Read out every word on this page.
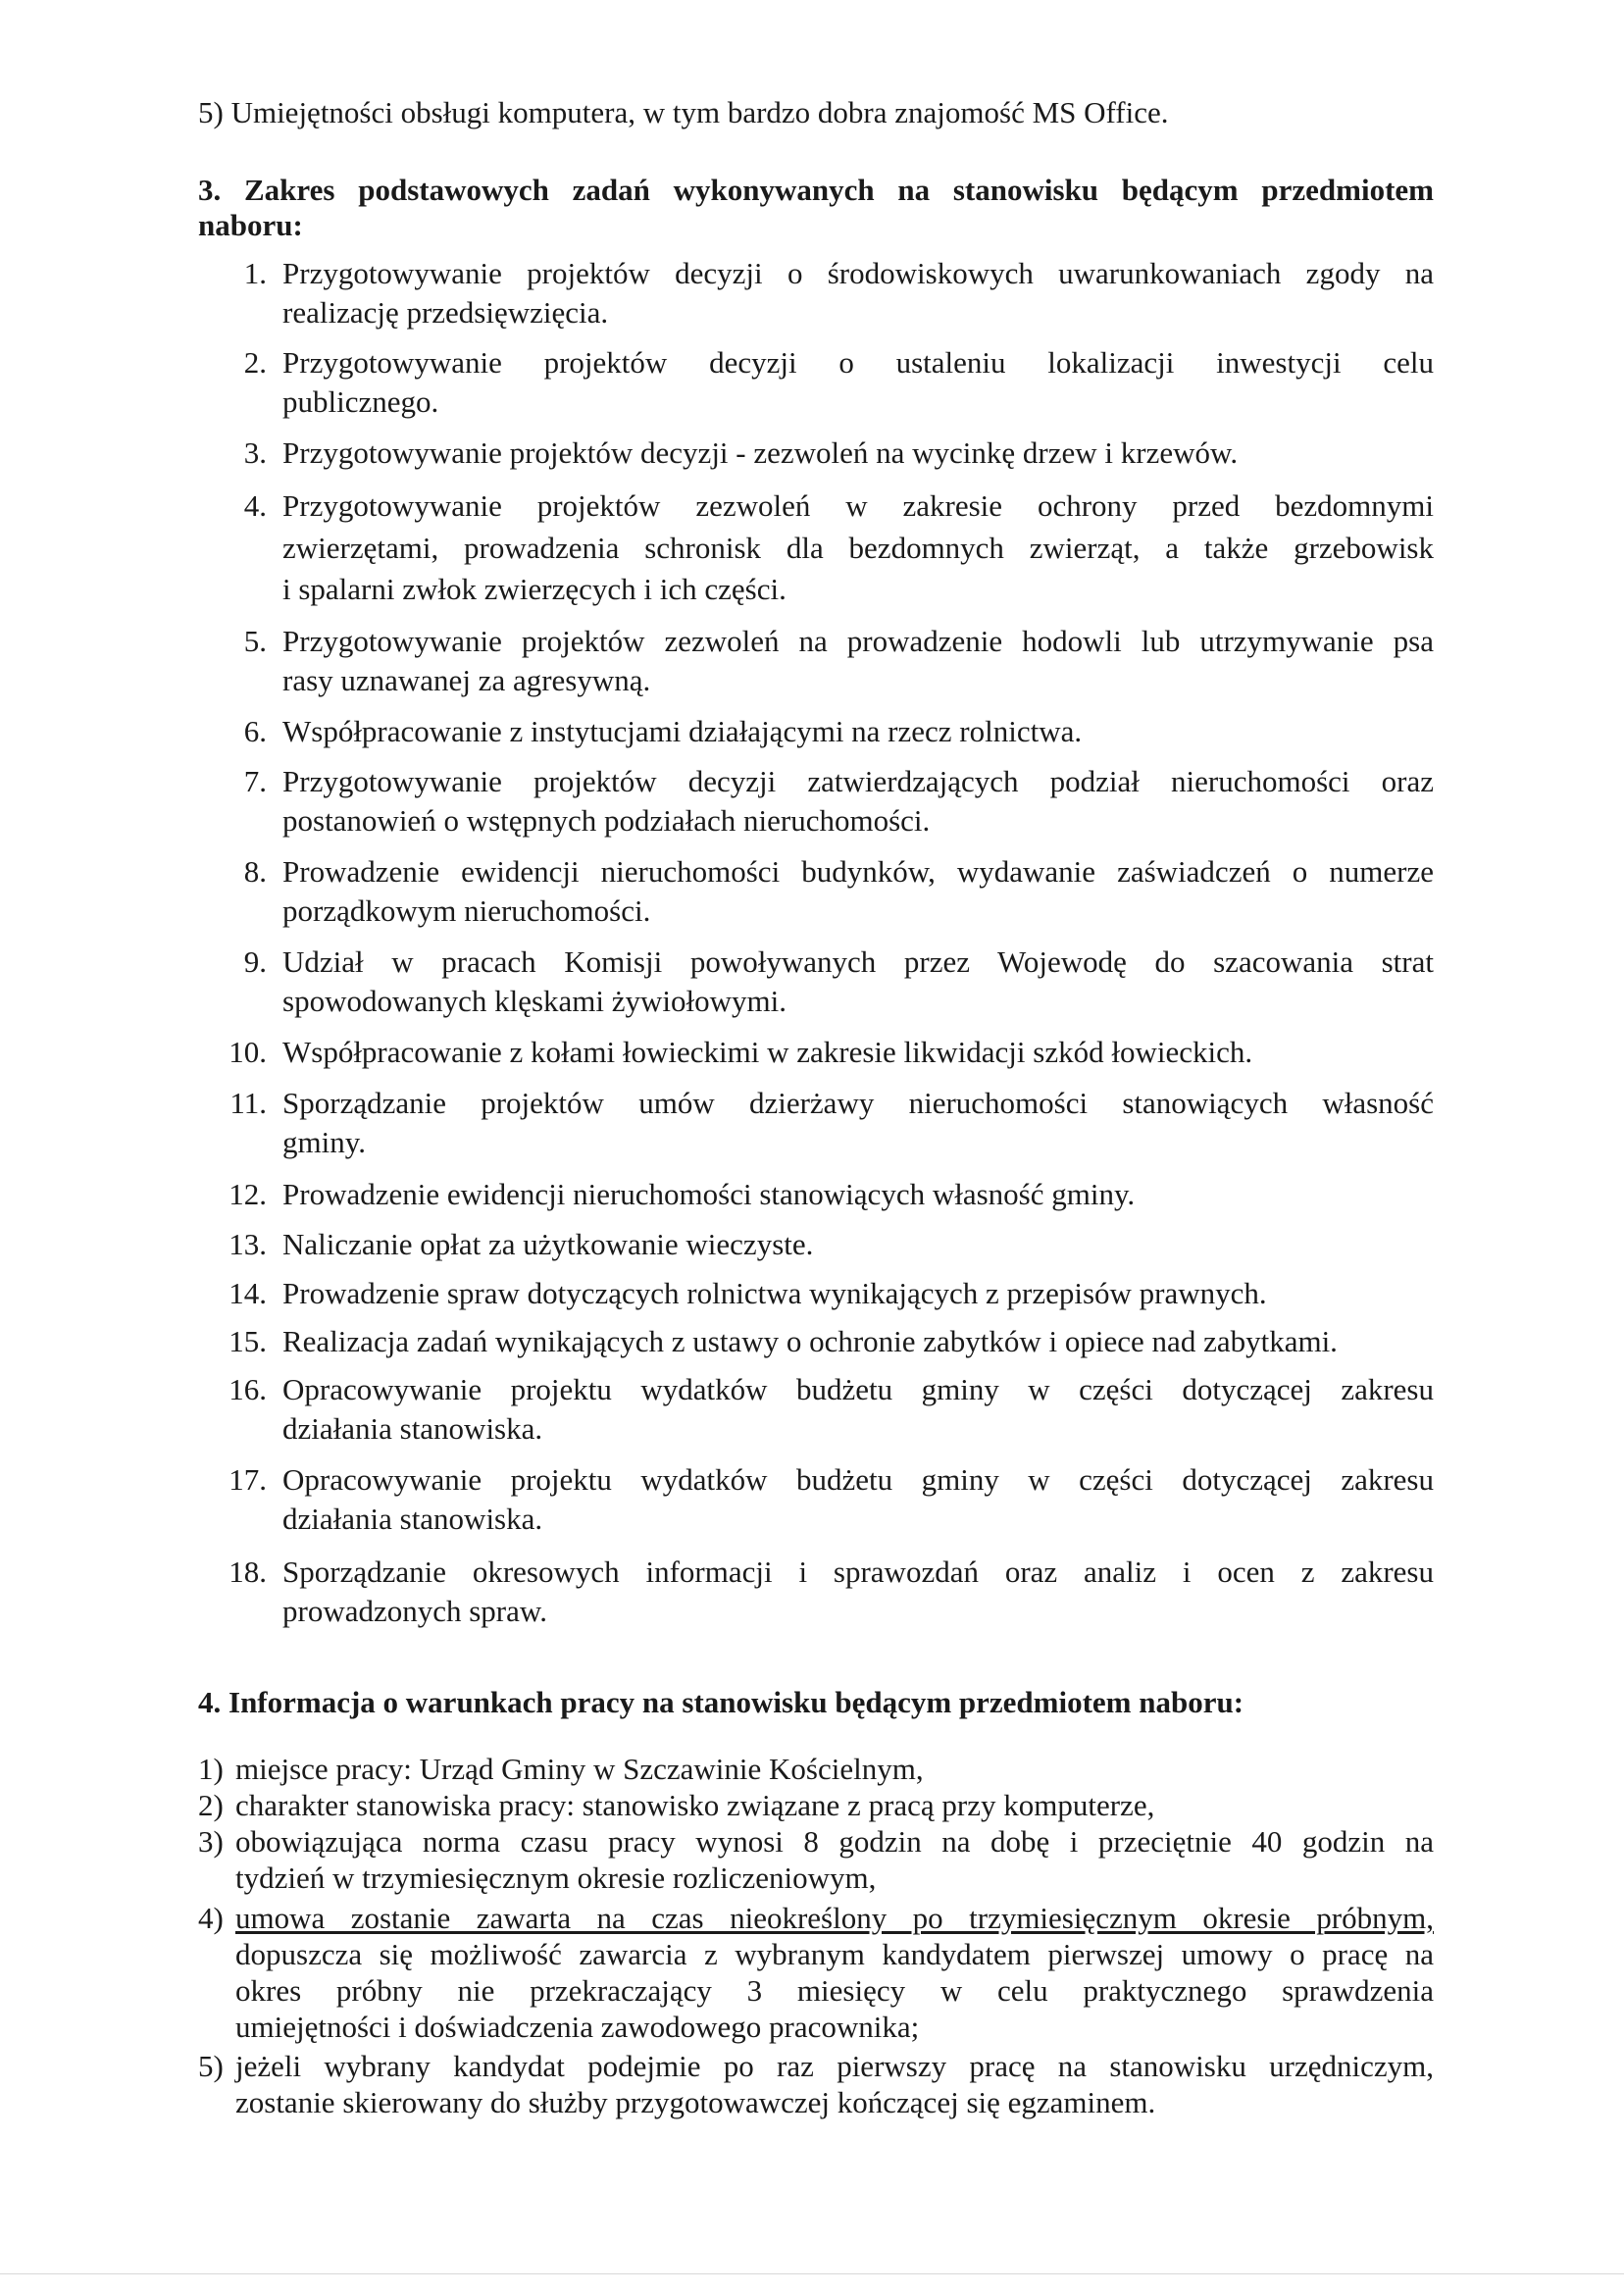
5) Umiejętności obsługi komputera, w tym bardzo dobra znajomość MS Office.
3. Zakres podstawowych zadań wykonywanych na stanowisku będącym przedmiotem
naboru:
1. Przygotowywanie projektów decyzji o środowiskowych uwarunkowaniach zgody na
realizację przedsięwzięcia.
2. Przygotowywanie projektów decyzji o ustaleniu lokalizacji inwestycji celu
publicznego.
3. Przygotowywanie projektów decyzji - zezwoleń na wycinkę drzew i krzewów.
4. Przygotowywanie projektów zezwoleń w zakresie ochrony przed bezdomnymi
zwierzętami, prowadzenia schronisk dla bezdomnych zwierząt, a także grzebowisk
i spalarni zwłok zwierzęcych i ich części.
5. Przygotowywanie projektów zezwoleń na prowadzenie hodowli lub utrzymywanie psa
rasy uznawanej za agresywną.
6. Współpracowanie z instytucjami działającymi na rzecz rolnictwa.
7. Przygotowywanie projektów decyzji zatwierdzających podział nieruchomości oraz
postanowień o wstępnych podziałach nieruchomości.
8. Prowadzenie ewidencji nieruchomości budynków, wydawanie zaświadczeń o numerze
porządkowym nieruchomości.
9. Udział w pracach Komisji powoływanych przez Wojewodę do szacowania strat
spowodowanych klęskami żywiołowymi.
10. Współpracowanie z kołami łowieckimi w zakresie likwidacji szkód łowieckich.
11. Sporządzanie projektów umów dzierżawy nieruchomości stanowiących własność
gminy.
12. Prowadzenie ewidencji nieruchomości stanowiących własność gminy.
13. Naliczanie opłat za użytkowanie wieczyste.
14. Prowadzenie spraw dotyczących rolnictwa wynikających z przepisów prawnych.
15. Realizacja zadań wynikających z ustawy o ochronie zabytków i opiece nad zabytkami.
16. Opracowywanie projektu wydatków budżetu gminy w części dotyczącej zakresu
działania stanowiska.
17. Opracowywanie projektu wydatków budżetu gminy w części dotyczącej zakresu
działania stanowiska.
18. Sporządzanie okresowych informacji i sprawozdań oraz analiz i ocen z zakresu
prowadzonych spraw.
4. Informacja o warunkach pracy na stanowisku będącym przedmiotem naboru:
1) miejsce pracy: Urząd Gminy w Szczawinie Kościelnym,
2) charakter stanowiska pracy: stanowisko związane z pracą przy komputerze,
3) obowiązująca norma czasu pracy wynosi 8 godzin na dobę i przeciętnie 40 godzin na
tydzień w trzymiesięcznym okresie rozliczeniowym,
4) umowa zostanie zawarta na czas nieokreślony po trzymiesięcznym okresie próbnym,
dopuszcza się możliwość zawarcia z wybranym kandydatem pierwszej umowy o pracę na
okres próbny nie przekraczający 3 miesięcy w celu praktycznego sprawdzenia
umiejętności i doświadczenia zawodowego pracownika;
5) jeżeli wybrany kandydat podejmie po raz pierwszy pracę na stanowisku urzędniczym,
zostanie skierowany do służby przygotowawczej kończącej się egzaminem.
